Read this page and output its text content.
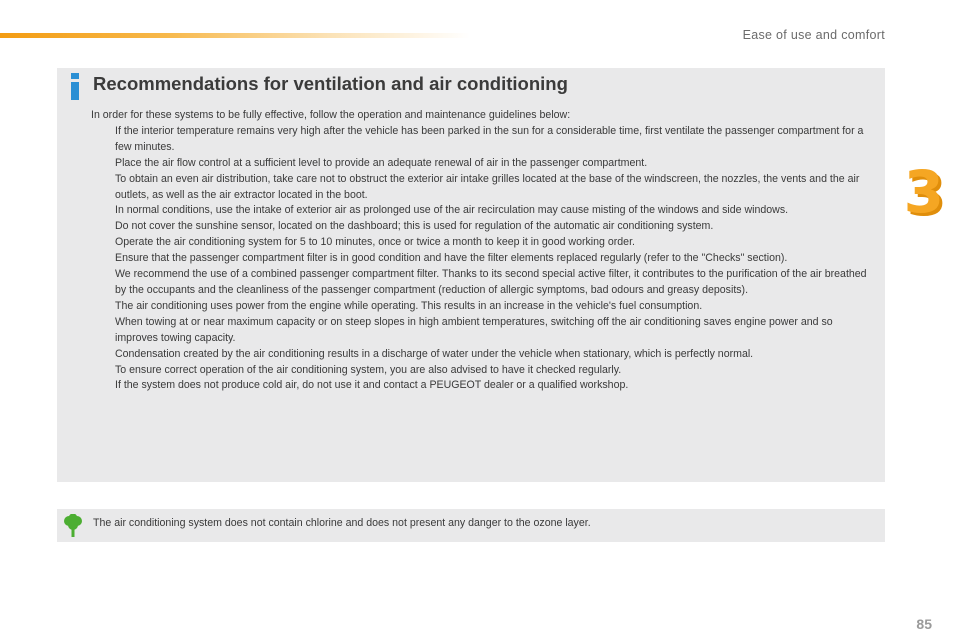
Ease of use and comfort
3
Recommendations for ventilation and air conditioning

In order for these systems to be fully effective, follow the operation and maintenance guidelines below:

If the interior temperature remains very high after the vehicle has been parked in the sun for a considerable time, first ventilate the passenger compartment for a few minutes.

Place the air flow control at a sufficient level to provide an adequate renewal of air in the passenger compartment.

To obtain an even air distribution, take care not to obstruct the exterior air intake grilles located at the base of the windscreen, the nozzles, the vents and the air outlets, as well as the air extractor located in the boot.

In normal conditions, use the intake of exterior air as prolonged use of the air recirculation may cause misting of the windows and side windows.

Do not cover the sunshine sensor, located on the dashboard; this is used for regulation of the automatic air conditioning system.

Operate the air conditioning system for 5 to 10 minutes, once or twice a month to keep it in good working order.

Ensure that the passenger compartment filter is in good condition and have the filter elements replaced regularly (refer to the "Checks" section).

We recommend the use of a combined passenger compartment filter. Thanks to its second special active filter, it contributes to the purification of the air breathed by the occupants and the cleanliness of the passenger compartment (reduction of allergic symptoms, bad odours and greasy deposits).

The air conditioning uses power from the engine while operating. This results in an increase in the vehicle's fuel consumption.

When towing at or near maximum capacity or on steep slopes in high ambient temperatures, switching off the air conditioning saves engine power and so improves towing capacity.

Condensation created by the air conditioning results in a discharge of water under the vehicle when stationary, which is perfectly normal.

To ensure correct operation of the air conditioning system, you are also advised to have it checked regularly.

If the system does not produce cold air, do not use it and contact a PEUGEOT dealer or a qualified workshop.

The air conditioning system does not contain chlorine and does not present any danger to the ozone layer.
85
